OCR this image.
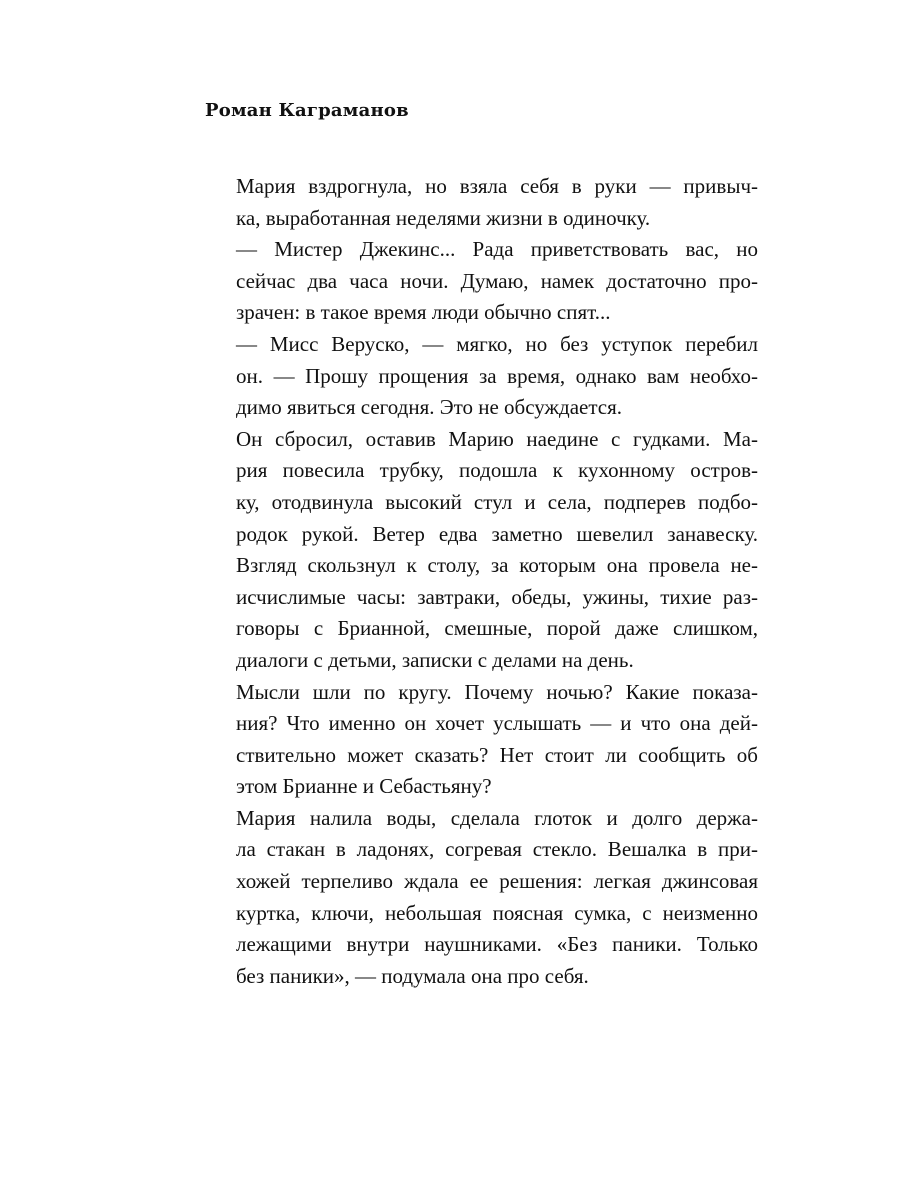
Роман Каграманов
Мария вздрогнула, но взяла себя в руки — привыч-
ка, выработанная неделями жизни в одиночку.
— Мистер Джекинс... Рада приветствовать вас, но
сейчас два часа ночи. Думаю, намек достаточно про-
зрачен: в такое время люди обычно спят...
— Мисс Веруско, — мягко, но без уступок перебил
он. — Прошу прощения за время, однако вам необхо-
димо явиться сегодня. Это не обсуждается.
Он сбросил, оставив Марию наедине с гудками. Ма-
рия повесила трубку, подошла к кухонному остров-
ку, отодвинула высокий стул и села, подперев подбо-
родок рукой. Ветер едва заметно шевелил занавеску.
Взгляд скользнул к столу, за которым она провела не-
исчислимые часы: завтраки, обеды, ужины, тихие раз-
говоры с Брианной, смешные, порой даже слишком,
диалоги с детьми, записки с делами на день.
Мысли шли по кругу. Почему ночью? Какие показа-
ния? Что именно он хочет услышать — и что она дей-
ствительно может сказать? Нет стоит ли сообщить об
этом Брианне и Себастьяну?
Мария налила воды, сделала глоток и долго держа-
ла стакан в ладонях, согревая стекло. Вешалка в при-
хожей терпеливо ждала ее решения: легкая джинсовая
куртка, ключи, небольшая поясная сумка, с неизменно
лежащими внутри наушниками. «Без паники. Только
без паники», — подумала она про себя.
